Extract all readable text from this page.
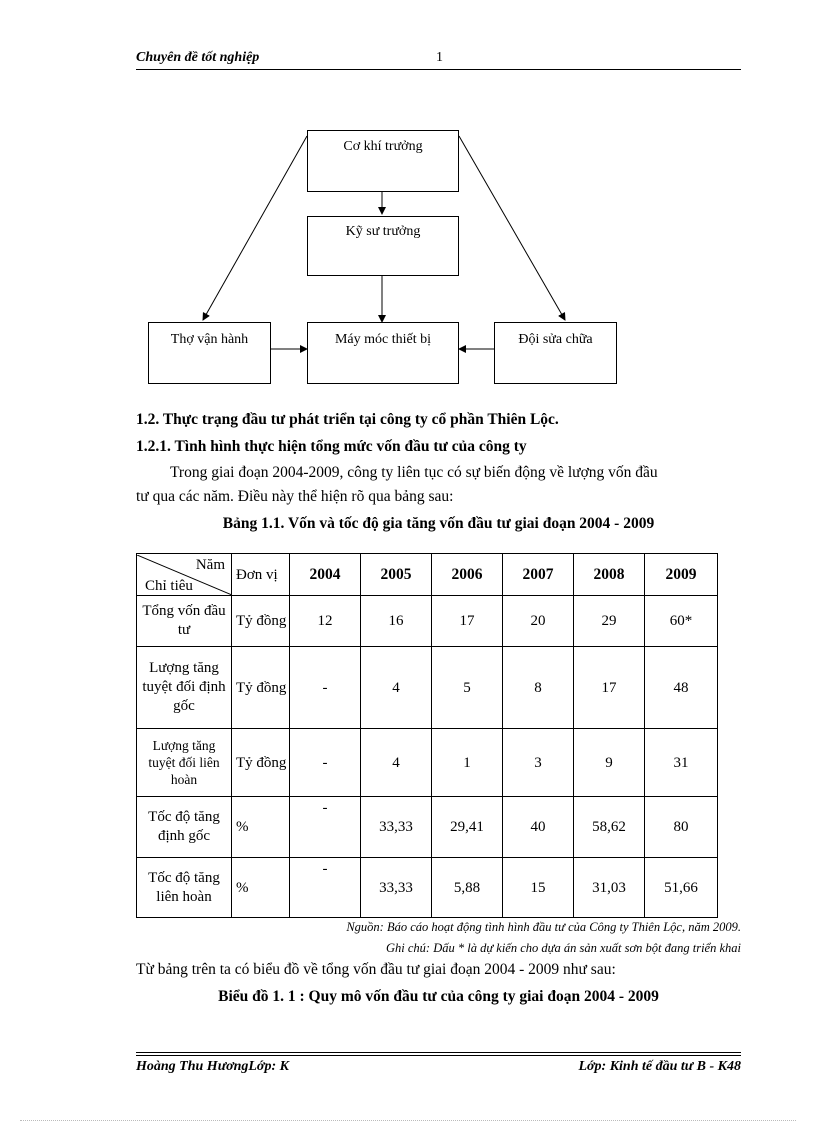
Chuyên đề tốt nghiệp	1
Cơ khí trưởng
Kỹ sư trưởng
Thợ vận hành	Máy móc thiết bị	Đội sửa chữa
1.2. Thực trạng đầu tư phát triển tại công ty cổ phần Thiên Lộc.
1.2.1. Tình hình thực hiện tổng mức vốn đầu tư của công ty
Trong giai đoạn 2004-2009, công ty liên tục có sự biến động về lượng vốn đầu
tư qua các năm. Điều này thể hiện rõ qua bảng sau:
Bảng 1.1. Vốn và tốc độ gia tăng vốn đầu tư giai đoạn 2004 - 2009
Năm
Chỉ tiêu	Đơn vị	2004	2005	2006	2007	2008	2009
Tổng vốn đầu tư	Tỷ đồng	12	16	17	20	29	60*
Lượng tăng tuyệt đối định gốc	Tỷ đồng	-	4	5	8	17	48
Lượng tăng tuyệt đối liên hoàn	Tỷ đồng	-	4	1	3	9	31
Tốc độ tăng định gốc	%	-	33,33	29,41	40	58,62	80
Tốc độ tăng liên hoàn	%	-	33,33	5,88	15	31,03	51,66
Nguồn: Báo cáo hoạt động tình hình đầu tư của Công ty Thiên Lộc, năm 2009.
Ghi chú: Dấu * là dự kiến cho dựa án sản xuất sơn bột đang triển khai
Từ bảng trên ta có biểu đồ về tổng vốn đầu tư giai đoạn 2004 - 2009 như sau:
Biểu đồ 1. 1 : Quy mô vốn đầu tư của công ty giai đoạn 2004 - 2009
Hoàng Thu HươngLớp: K	Lớp: Kinh tế đầu tư B - K48
